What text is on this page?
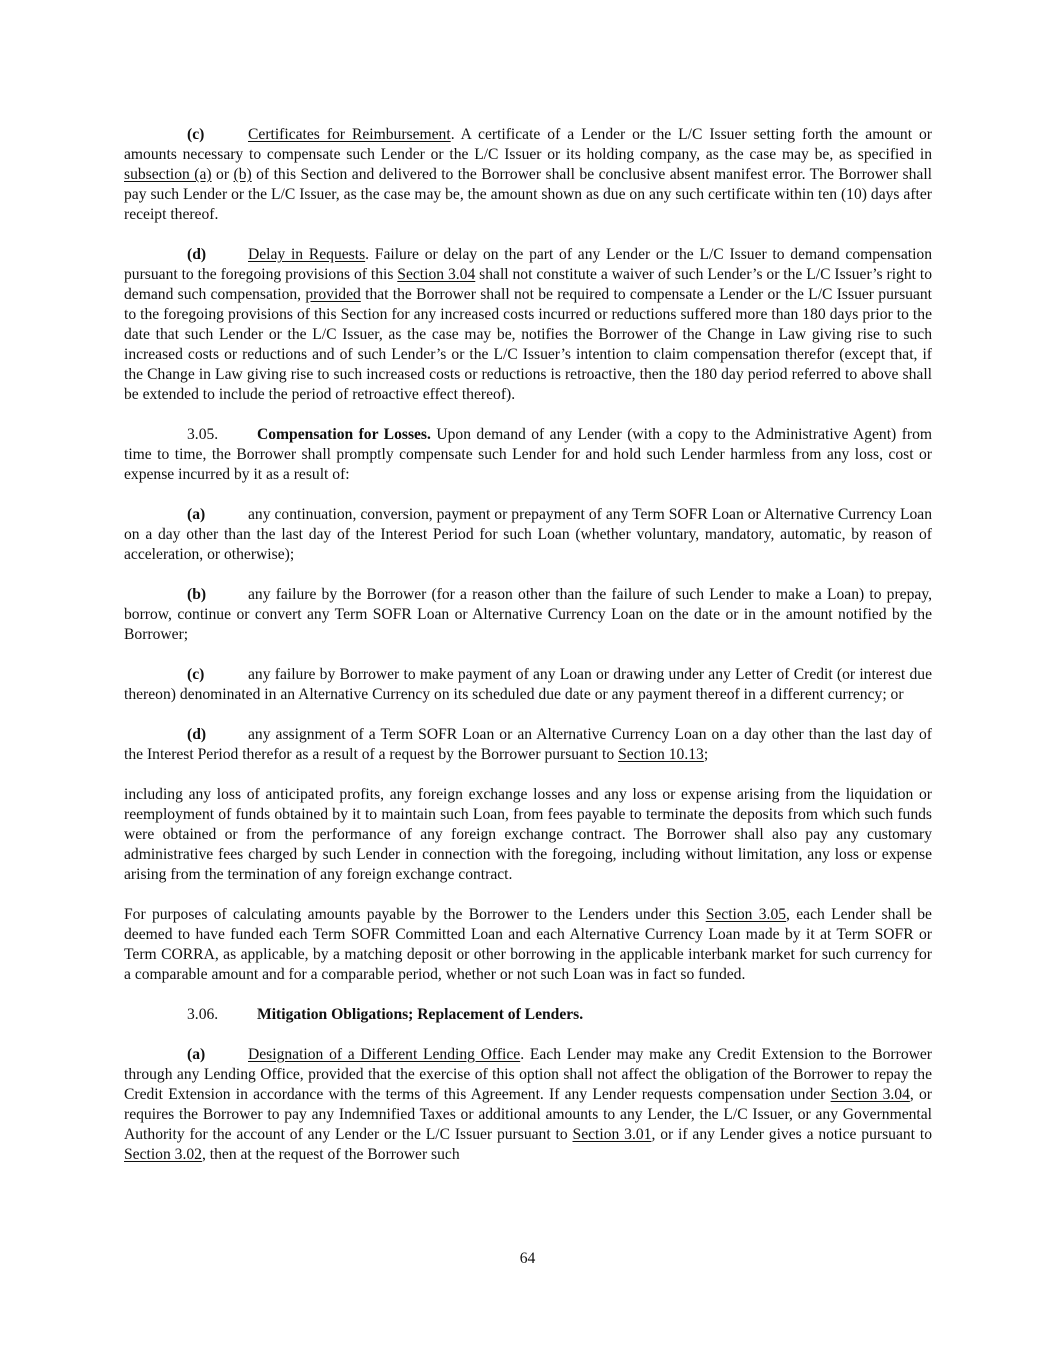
(c)	Certificates for Reimbursement. A certificate of a Lender or the L/C Issuer setting forth the amount or amounts necessary to compensate such Lender or the L/C Issuer or its holding company, as the case may be, as specified in subsection (a) or (b) of this Section and delivered to the Borrower shall be conclusive absent manifest error. The Borrower shall pay such Lender or the L/C Issuer, as the case may be, the amount shown as due on any such certificate within ten (10) days after receipt thereof.

(d)	Delay in Requests. Failure or delay on the part of any Lender or the L/C Issuer to demand compensation pursuant to the foregoing provisions of this Section 3.04 shall not constitute a waiver of such Lender’s or the L/C Issuer’s right to demand such compensation, provided that the Borrower shall not be required to compensate a Lender or the L/C Issuer pursuant to the foregoing provisions of this Section for any increased costs incurred or reductions suffered more than 180 days prior to the date that such Lender or the L/C Issuer, as the case may be, notifies the Borrower of the Change in Law giving rise to such increased costs or reductions and of such Lender’s or the L/C Issuer’s intention to claim compensation therefor (except that, if the Change in Law giving rise to such increased costs or reductions is retroactive, then the 180 day period referred to above shall be extended to include the period of retroactive effect thereof).

3.05. Compensation for Losses. Upon demand of any Lender (with a copy to the Administrative Agent) from time to time, the Borrower shall promptly compensate such Lender for and hold such Lender harmless from any loss, cost or expense incurred by it as a result of:

(a)	any continuation, conversion, payment or prepayment of any Term SOFR Loan or Alternative Currency Loan on a day other than the last day of the Interest Period for such Loan (whether voluntary, mandatory, automatic, by reason of acceleration, or otherwise);

(b)	any failure by the Borrower (for a reason other than the failure of such Lender to make a Loan) to prepay, borrow, continue or convert any Term SOFR Loan or Alternative Currency Loan on the date or in the amount notified by the Borrower;

(c)	any failure by Borrower to make payment of any Loan or drawing under any Letter of Credit (or interest due thereon) denominated in an Alternative Currency on its scheduled due date or any payment thereof in a different currency; or

(d)	any assignment of a Term SOFR Loan or an Alternative Currency Loan on a day other than the last day of the Interest Period therefor as a result of a request by the Borrower pursuant to Section 10.13;

including any loss of anticipated profits, any foreign exchange losses and any loss or expense arising from the liquidation or reemployment of funds obtained by it to maintain such Loan, from fees payable to terminate the deposits from which such funds were obtained or from the performance of any foreign exchange contract. The Borrower shall also pay any customary administrative fees charged by such Lender in connection with the foregoing, including without limitation, any loss or expense arising from the termination of any foreign exchange contract.

For purposes of calculating amounts payable by the Borrower to the Lenders under this Section 3.05, each Lender shall be deemed to have funded each Term SOFR Committed Loan and each Alternative Currency Loan made by it at Term SOFR or Term CORRA, as applicable, by a matching deposit or other borrowing in the applicable interbank market for such currency for a comparable amount and for a comparable period, whether or not such Loan was in fact so funded.

3.06. Mitigation Obligations; Replacement of Lenders.

(a)	Designation of a Different Lending Office. Each Lender may make any Credit Extension to the Borrower through any Lending Office, provided that the exercise of this option shall not affect the obligation of the Borrower to repay the Credit Extension in accordance with the terms of this Agreement. If any Lender requests compensation under Section 3.04, or requires the Borrower to pay any Indemnified Taxes or additional amounts to any Lender, the L/C Issuer, or any Governmental Authority for the account of any Lender or the L/C Issuer pursuant to Section 3.01, or if any Lender gives a notice pursuant to Section 3.02, then at the request of the Borrower such

64
